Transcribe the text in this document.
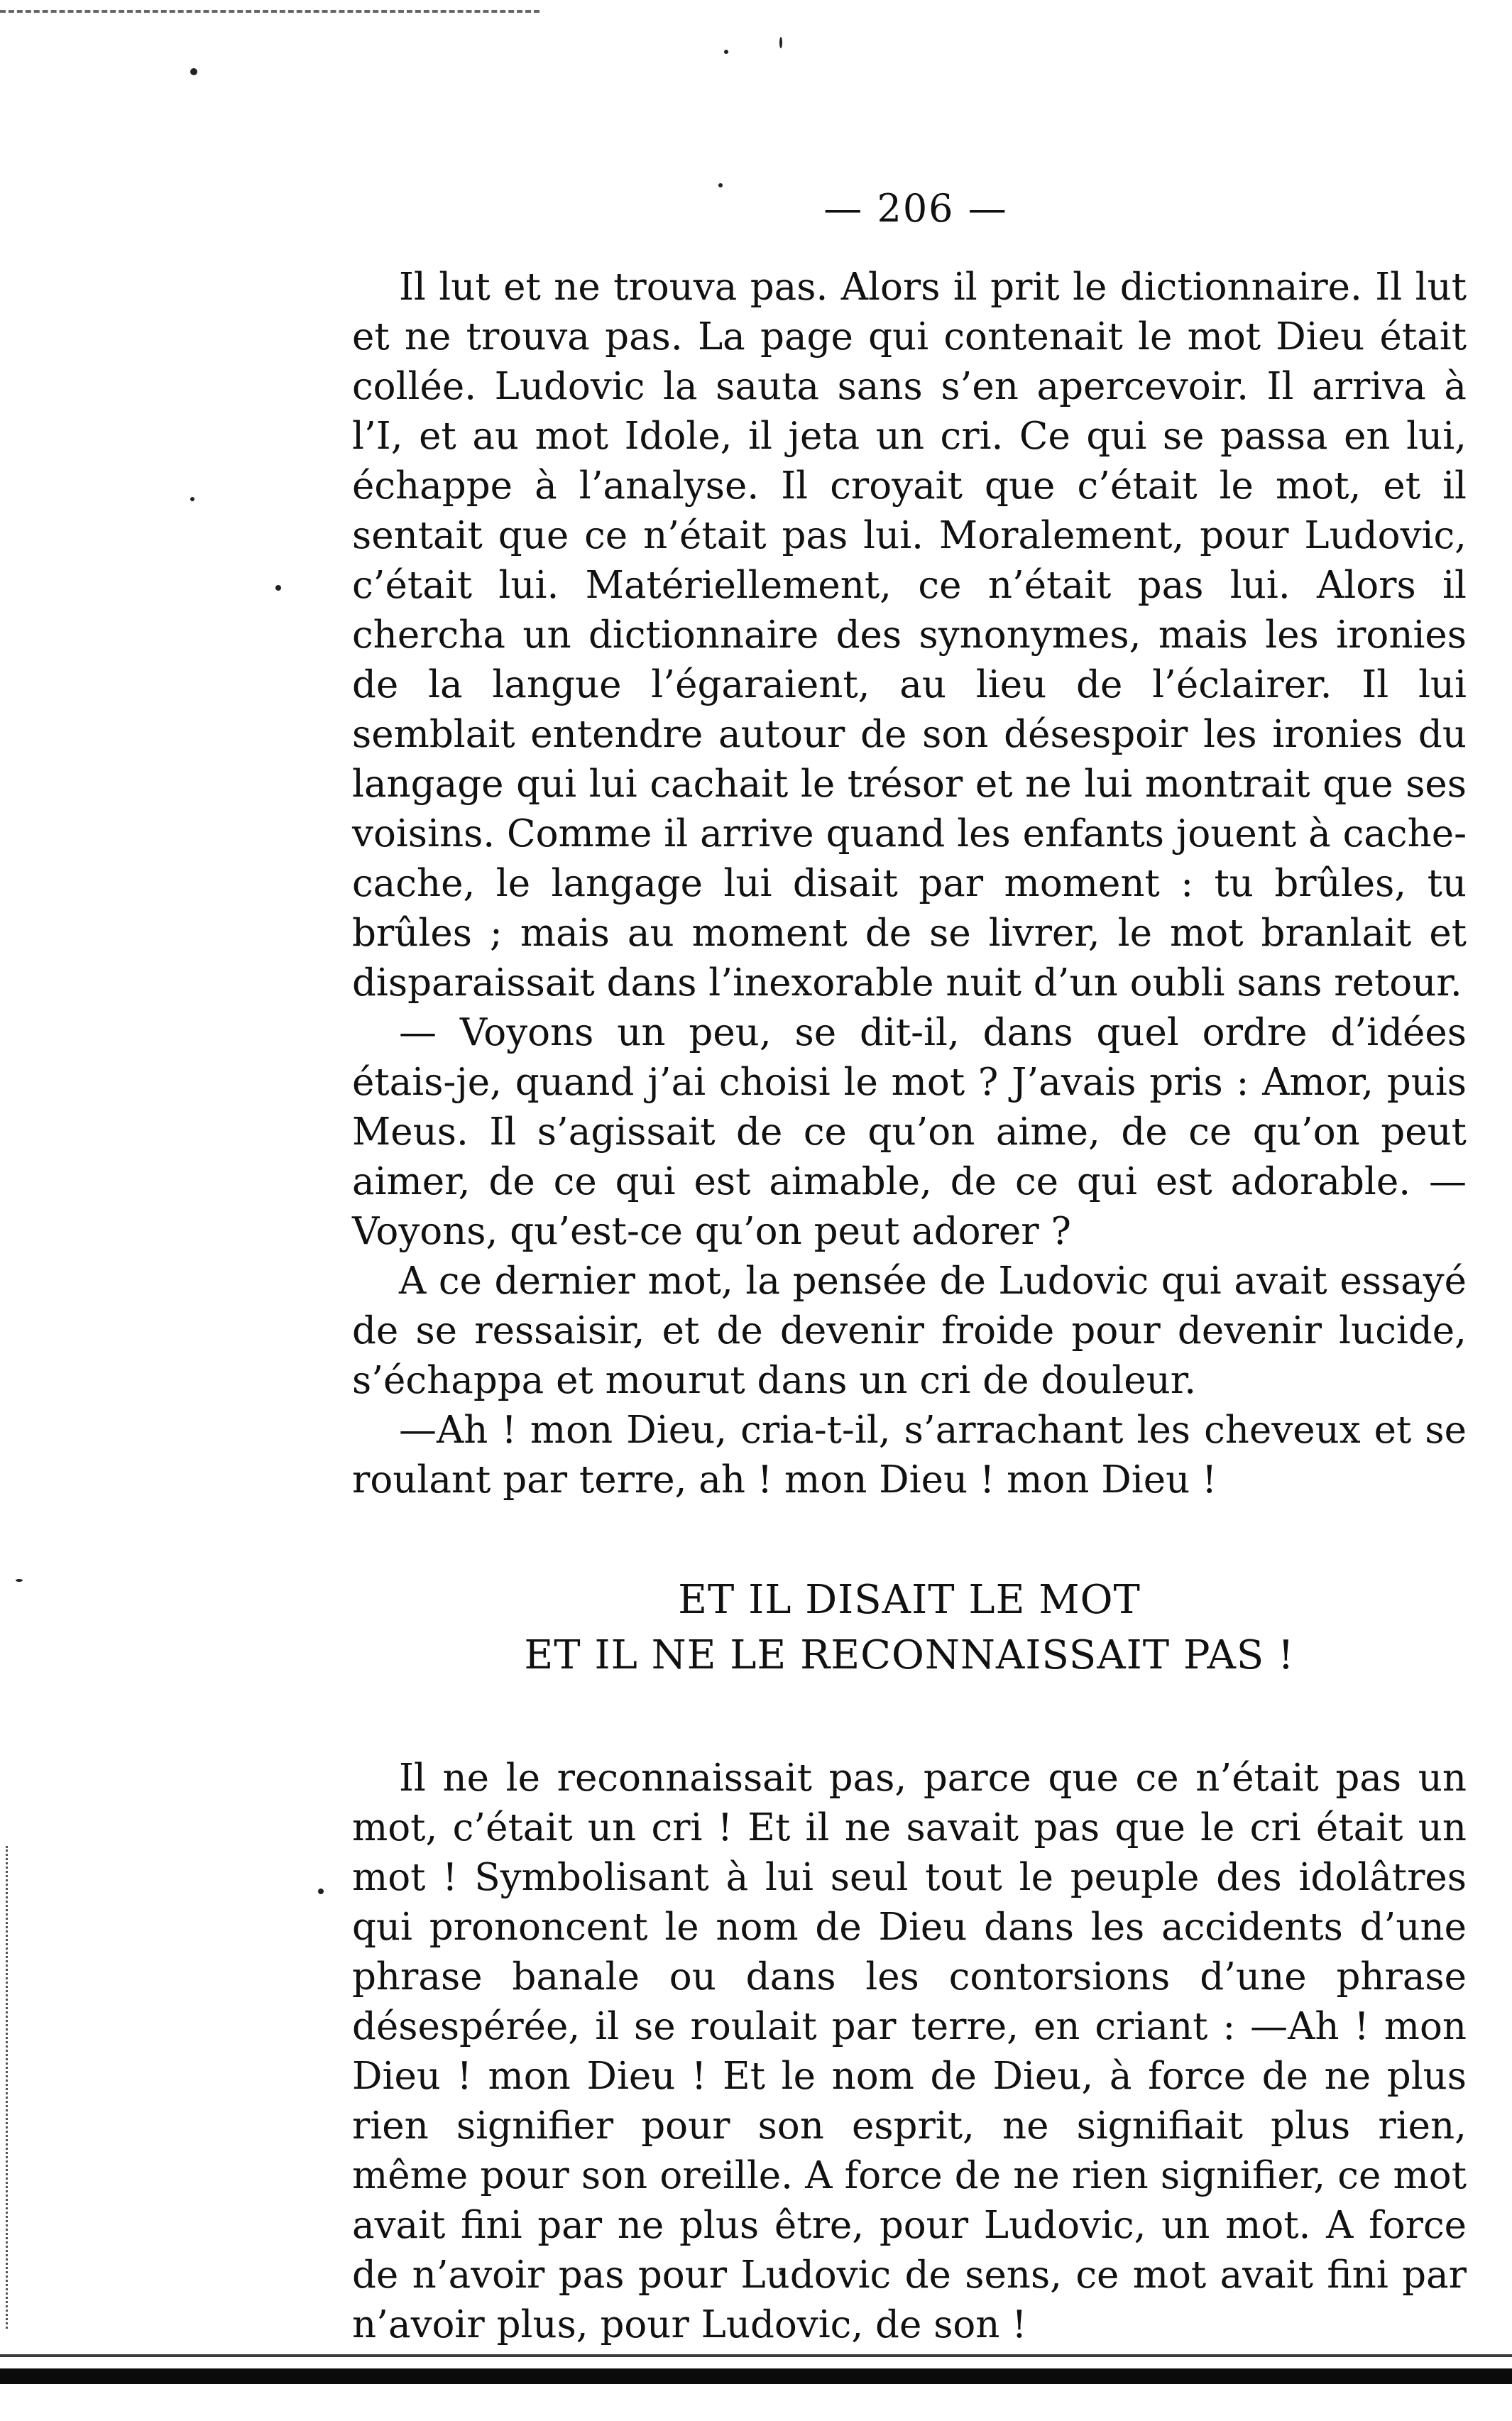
— 206 —

Il lut et ne trouva pas. Alors il prit le dictionnaire. Il lut et ne trouva pas. La page qui contenait le mot Dieu était collée. Ludovic la sauta sans s’en apercevoir. Il arriva à l’I, et au mot Idole, il jeta un cri. Ce qui se passa en lui, échappe à l’analyse. Il croyait que c’était le mot, et il sentait que ce n’était pas lui. Moralement, pour Ludovic, c’était lui. Matériellement, ce n’était pas lui. Alors il chercha un dictionnaire des synonymes, mais les ironies de la langue l’égaraient, au lieu de l’éclairer. Il lui semblait entendre autour de son désespoir les ironies du langage qui lui cachait le trésor et ne lui montrait que ses voisins. Comme il arrive quand les enfants jouent à cache-cache, le langage lui disait par moment : tu brûles, tu brûles ; mais au moment de se livrer, le mot branlait et disparaissait dans l’inexorable nuit d’un oubli sans retour.

— Voyons un peu, se dit-il, dans quel ordre d’idées étais-je, quand j’ai choisi le mot ? J’avais pris : Amor, puis Meus. Il s’agissait de ce qu’on aime, de ce qu’on peut aimer, de ce qui est aimable, de ce qui est adorable. — Voyons, qu’est-ce qu’on peut adorer ?

A ce dernier mot, la pensée de Ludovic qui avait essayé de se ressaisir, et de devenir froide pour devenir lucide, s’échappa et mourut dans un cri de douleur.

—Ah ! mon Dieu, cria-t-il, s’arrachant les cheveux et se roulant par terre, ah ! mon Dieu ! mon Dieu !

ET IL DISAIT LE MOT

ET IL NE LE RECONNAISSAIT PAS !

Il ne le reconnaissait pas, parce que ce n’était pas un mot, c’était un cri ! Et il ne savait pas que le cri était un mot ! Symbolisant à lui seul tout le peuple des idolâtres qui prononcent le nom de Dieu dans les accidents d’une phrase banale ou dans les contorsions d’une phrase désespérée, il se roulait par terre, en criant : —Ah ! mon Dieu ! mon Dieu ! Et le nom de Dieu, à force de ne plus rien signifier pour son esprit, ne signifiait plus rien, même pour son oreille. A force de ne rien signifier, ce mot avait fini par ne plus être, pour Ludovic, un mot. A force de n’avoir pas pour Ludovic de sens, ce mot avait fini par n’avoir plus, pour Ludovic, de son !
